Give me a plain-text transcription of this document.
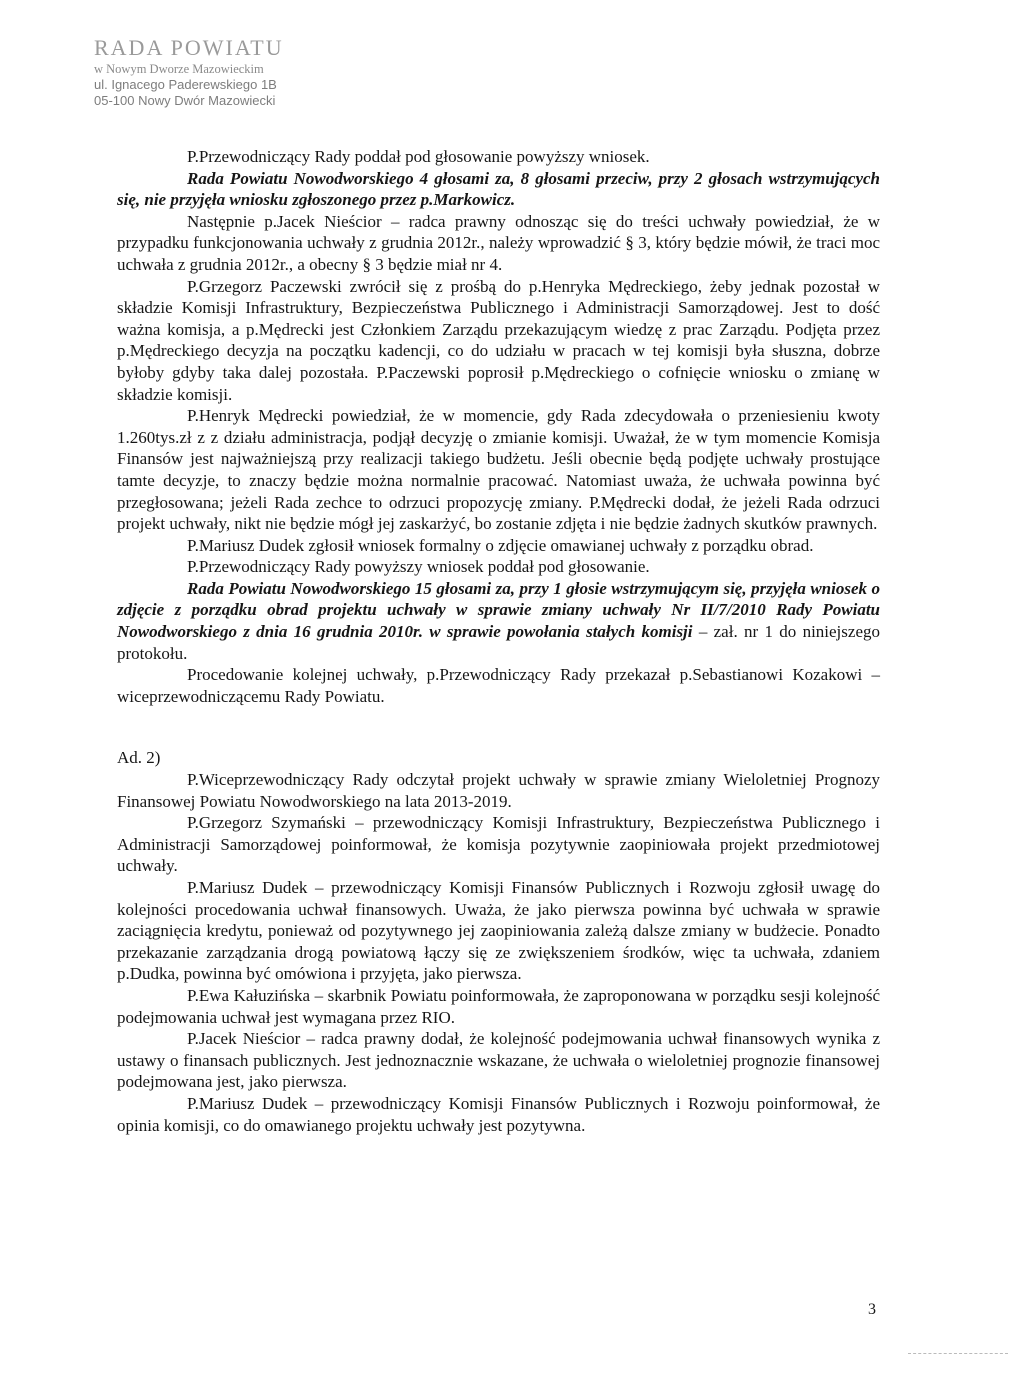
RADA POWIATU
w Nowym Dworze Mazowieckim
ul. Ignacego Paderewskiego 1B
05-100 Nowy Dwór Mazowiecki

P.Przewodniczący Rady poddał pod głosowanie powyższy wniosek.

Rada Powiatu Nowodworskiego 4 głosami za, 8 głosami przeciw, przy 2 głosach wstrzymujących się, nie przyjęła wniosku zgłoszonego przez p.Markowicz.

Następnie p.Jacek Nieścior – radca prawny odnosząc się do treści uchwały powiedział, że w przypadku funkcjonowania uchwały z grudnia 2012r., należy wprowadzić § 3, który będzie mówił, że traci moc uchwała z grudnia 2012r., a obecny § 3 będzie miał nr 4.

P.Grzegorz Paczewski zwrócił się z prośbą do p.Henryka Mędreckiego, żeby jednak pozostał w składzie Komisji Infrastruktury, Bezpieczeństwa Publicznego i Administracji Samorządowej. Jest to dość ważna komisja, a p.Mędrecki jest Członkiem Zarządu przekazującym wiedzę z prac Zarządu. Podjęta przez p.Mędreckiego decyzja na początku kadencji, co do udziału w pracach w tej komisji była słuszna, dobrze byłoby gdyby taka dalej pozostała. P.Paczewski poprosił p.Mędreckiego o cofnięcie wniosku o zmianę w składzie komisji.

P.Henryk Mędrecki powiedział, że w momencie, gdy Rada zdecydowała o przeniesieniu kwoty 1.260tys.zł z z działu administracja, podjął decyzję o zmianie komisji. Uważał, że w tym momencie Komisja Finansów jest najważniejszą przy realizacji takiego budżetu. Jeśli obecnie będą podjęte uchwały prostujące tamte decyzje, to znaczy będzie można normalnie pracować. Natomiast uważa, że uchwała powinna być przegłosowana; jeżeli Rada zechce to odrzuci propozycję zmiany. P.Mędrecki dodał, że jeżeli Rada odrzuci projekt uchwały, nikt nie będzie mógł jej zaskarżyć, bo zostanie zdjęta i nie będzie żadnych skutków prawnych.

P.Mariusz Dudek zgłosił wniosek formalny o zdjęcie omawianej uchwały z porządku obrad.

P.Przewodniczący Rady powyższy wniosek poddał pod głosowanie.

Rada Powiatu Nowodworskiego 15 głosami za, przy 1 głosie wstrzymującym się, przyjęła wniosek o zdjęcie z porządku obrad projektu uchwały w sprawie zmiany uchwały Nr II/7/2010 Rady Powiatu Nowodworskiego z dnia 16 grudnia 2010r. w sprawie powołania stałych komisji – zał. nr 1 do niniejszego protokołu.

Procedowanie kolejnej uchwały, p.Przewodniczący Rady przekazał p.Sebastianowi Kozakowi – wiceprzewodniczącemu Rady Powiatu.

Ad. 2)

P.Wiceprzewodniczący Rady odczytał projekt uchwały w sprawie zmiany Wieloletniej Prognozy Finansowej Powiatu Nowodworskiego na lata 2013-2019.

P.Grzegorz Szymański – przewodniczący Komisji Infrastruktury, Bezpieczeństwa Publicznego i Administracji Samorządowej poinformował, że komisja pozytywnie zaopiniowała projekt przedmiotowej uchwały.

P.Mariusz Dudek – przewodniczący Komisji Finansów Publicznych i Rozwoju zgłosił uwagę do kolejności procedowania uchwał finansowych. Uważa, że jako pierwsza powinna być uchwała w sprawie zaciągnięcia kredytu, ponieważ od pozytywnego jej zaopiniowania zależą dalsze zmiany w budżecie. Ponadto przekazanie zarządzania drogą powiatową łączy się ze zwiększeniem środków, więc ta uchwała, zdaniem p.Dudka, powinna być omówiona i przyjęta, jako pierwsza.

P.Ewa Kałuzińska – skarbnik Powiatu poinformowała, że zaproponowana w porządku sesji kolejność podejmowania uchwał jest wymagana przez RIO.

P.Jacek Nieścior – radca prawny dodał, że kolejność podejmowania uchwał finansowych wynika z ustawy o finansach publicznych. Jest jednoznacznie wskazane, że uchwała o wieloletniej prognozie finansowej podejmowana jest, jako pierwsza.

P.Mariusz Dudek – przewodniczący Komisji Finansów Publicznych i Rozwoju poinformował, że opinia komisji, co do omawianego projektu uchwały jest pozytywna.

3
